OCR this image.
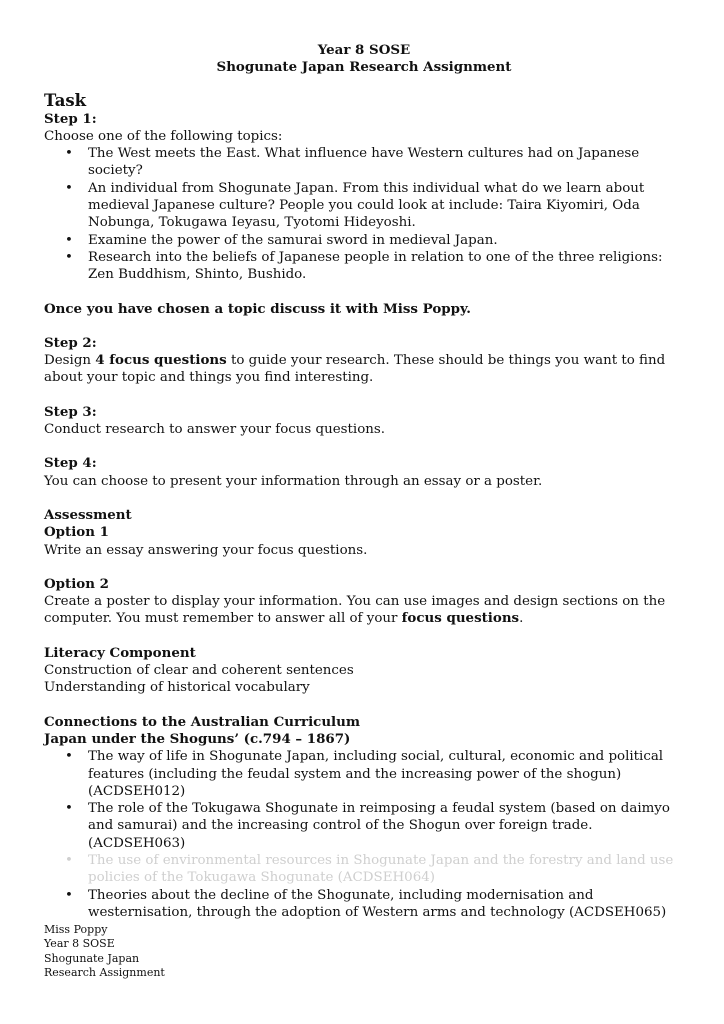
Year 8 SOSE

Shogunate Japan Research Assignment

Task

Step 1:

Choose one of the following topics:

• The West meets the East. What influence have Western cultures had on Japanese society?
• An individual from Shogunate Japan. From this individual what do we learn about medieval Japanese culture? People you could look at include: Taira Kiyomiri, Oda Nobunga, Tokugawa Ieyasu, Tyotomi Hideyoshi.
• Examine the power of the samurai sword in medieval Japan.
• Research into the beliefs of Japanese people in relation to one of the three religions: Zen Buddhism, Shinto, Bushido.

Once you have chosen a topic discuss it with Miss Poppy.

Step 2:

Design 4 focus questions to guide your research. These should be things you want to find about your topic and things you find interesting.

Step 3:

Conduct research to answer your focus questions.

Step 4:

You can choose to present your information through an essay or a poster.

Assessment

Option 1

Write an essay answering your focus questions.

Option 2

Create a poster to display your information. You can use images and design sections on the computer. You must remember to answer all of your focus questions.

Literacy Component

Construction of clear and coherent sentences

Understanding of historical vocabulary

Connections to the Australian Curriculum

Japan under the Shoguns’ (c.794 – 1867)

• The way of life in Shogunate Japan, including social, cultural, economic and political features (including the feudal system and the increasing power of the shogun) (ACDSEH012)
• The role of the Tokugawa Shogunate in reimposing a feudal system (based on daimyo and samurai) and the increasing control of the Shogun over foreign trade. (ACDSEH063)
• The use of environmental resources in Shogunate Japan and the forestry and land use policies of the Tokugawa Shogunate (ACDSEH064)
• Theories about the decline of the Shogunate, including modernisation and westernisation, through the adoption of Western arms and technology (ACDSEH065)

Miss Poppy

Year 8 SOSE

Shogunate Japan

Research Assignment
